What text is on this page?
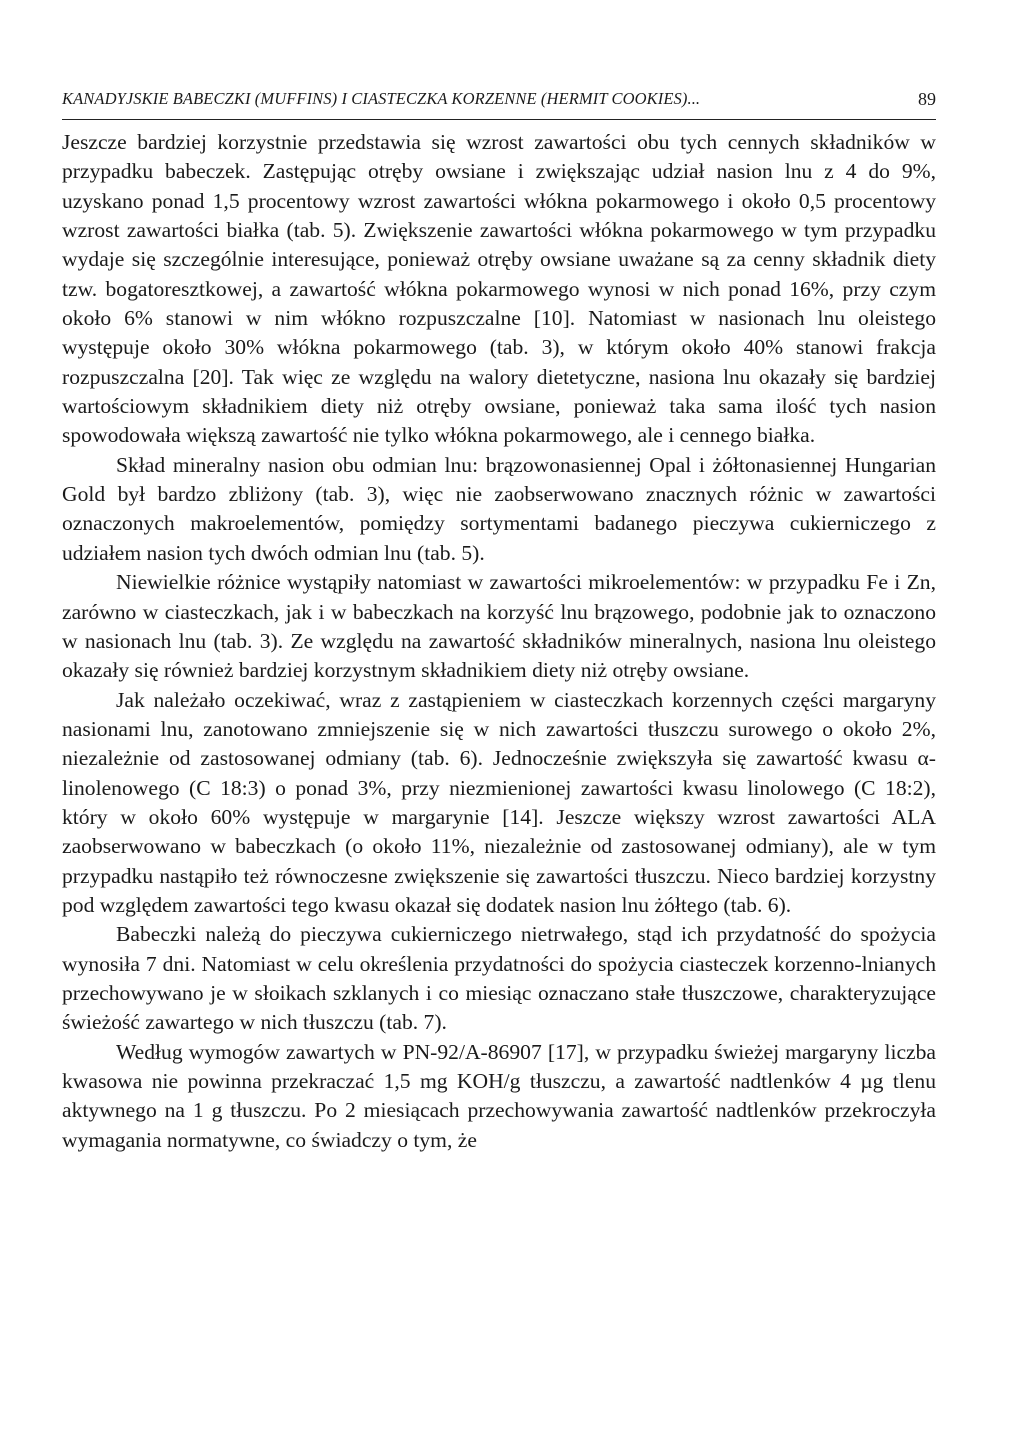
KANADYJSKIE BABECZKI (MUFFINS) I CIASTECZKA KORZENNE (HERMIT COOKIES)...	89

Jeszcze bardziej korzystnie przedstawia się wzrost zawartości obu tych cennych składników w przypadku babeczek. Zastępując otręby owsiane i zwiększając udział nasion lnu z 4 do 9%, uzyskano ponad 1,5 procentowy wzrost zawartości włókna pokarmowego i około 0,5 procentowy wzrost zawartości białka (tab. 5). Zwiększenie zawartości włókna pokarmowego w tym przypadku wydaje się szczególnie interesujące, ponieważ otręby owsiane uważane są za cenny składnik diety tzw. bogatoresztkowej, a zawartość włókna pokarmowego wynosi w nich ponad 16%, przy czym około 6% stanowi w nim włókno rozpuszczalne [10]. Natomiast w nasionach lnu oleistego występuje około 30% włókna pokarmowego (tab. 3), w którym około 40% stanowi frakcja rozpuszczalna [20]. Tak więc ze względu na walory dietetyczne, nasiona lnu okazały się bardziej wartościowym składnikiem diety niż otręby owsiane, ponieważ taka sama ilość tych nasion spowodowała większą zawartość nie tylko włókna pokarmowego, ale i cennego białka.

Skład mineralny nasion obu odmian lnu: brązowonasiennej Opal i żółtonasiennej Hungarian Gold był bardzo zbliżony (tab. 3), więc nie zaobserwowano znacznych różnic w zawartości oznaczonych makroelementów, pomiędzy sortymentami badanego pieczywa cukierniczego z udziałem nasion tych dwóch odmian lnu (tab. 5).

Niewielkie różnice wystąpiły natomiast w zawartości mikroelementów: w przypadku Fe i Zn, zarówno w ciasteczkach, jak i w babeczkach na korzyść lnu brązowego, podobnie jak to oznaczono w nasionach lnu (tab. 3). Ze względu na zawartość składników mineralnych, nasiona lnu oleistego okazały się również bardziej korzystnym składnikiem diety niż otręby owsiane.

Jak należało oczekiwać, wraz z zastąpieniem w ciasteczkach korzennych części margaryny nasionami lnu, zanotowano zmniejszenie się w nich zawartości tłuszczu surowego o około 2%, niezależnie od zastosowanej odmiany (tab. 6). Jednocześnie zwiększyła się zawartość kwasu α-linolenowego (C 18:3) o ponad 3%, przy niezmienionej zawartości kwasu linolowego (C 18:2), który w około 60% występuje w margarynie [14]. Jeszcze większy wzrost zawartości ALA zaobserwowano w babeczkach (o około 11%, niezależnie od zastosowanej odmiany), ale w tym przypadku nastąpiło też równoczesne zwiększenie się zawartości tłuszczu. Nieco bardziej korzystny pod względem zawartości tego kwasu okazał się dodatek nasion lnu żółtego (tab. 6).

Babeczki należą do pieczywa cukierniczego nietrwałego, stąd ich przydatność do spożycia wynosiła 7 dni. Natomiast w celu określenia przydatności do spożycia ciasteczek korzenno-lnianych przechowywano je w słoikach szklanych i co miesiąc oznaczano stałe tłuszczowe, charakteryzujące świeżość zawartego w nich tłuszczu (tab. 7).

Według wymogów zawartych w PN-92/A-86907 [17], w przypadku świeżej margaryny liczba kwasowa nie powinna przekraczać 1,5 mg KOH/g tłuszczu, a zawartość nadtlenków 4 µg tlenu aktywnego na 1 g tłuszczu. Po 2 miesiącach przechowywania zawartość nadtlenków przekroczyła wymagania normatywne, co świadczy o tym, że
